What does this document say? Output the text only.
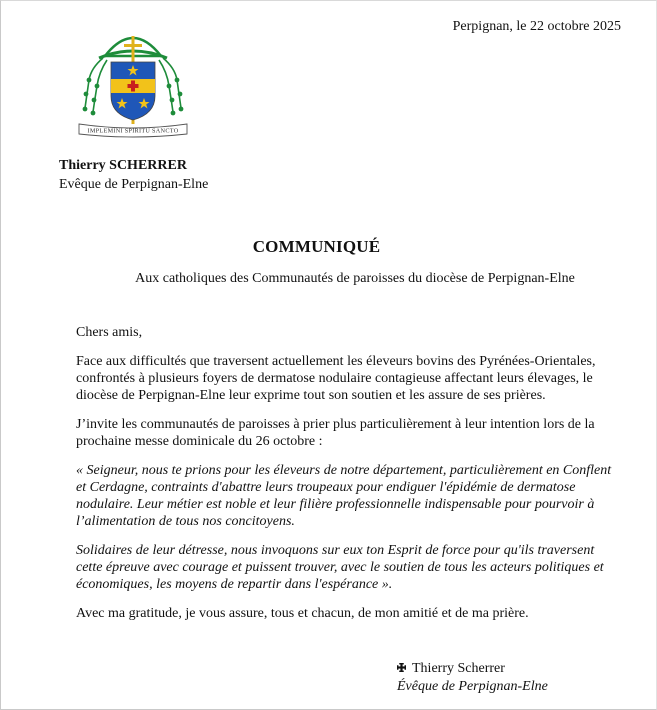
Perpignan, le 22 octobre 2025
IMPLEMINI SPIRITU SANCTO
Thierry SCHERRER
Evêque de Perpignan-Elne
COMMUNIQUÉ
Aux catholiques des Communautés de paroisses du diocèse de Perpignan-Elne

Chers amis,

Face aux difficultés que traversent actuellement les éleveurs bovins des Pyrénées-Orientales, confrontés à plusieurs foyers de dermatose nodulaire contagieuse affectant leurs élevages, le diocèse de Perpignan-Elne leur exprime tout son soutien et les assure de ses prières.

J’invite les communautés de paroisses à prier plus particulièrement à leur intention lors de la prochaine messe dominicale du 26 octobre :

« Seigneur, nous te prions pour les éleveurs de notre département, particulièrement en Conflent et Cerdagne, contraints d'abattre leurs troupeaux pour endiguer l'épidémie de dermatose nodulaire. Leur métier est noble et leur filière professionnelle indispensable pour pourvoir à l’alimentation de tous nos concitoyens.

Solidaires de leur détresse, nous invoquons sur eux ton Esprit de force pour qu'ils traversent cette épreuve avec courage et puissent trouver, avec le soutien de tous les acteurs politiques et économiques, les moyens de repartir dans l'espérance ».

Avec ma gratitude, je vous assure, tous et chacun, de mon amitié et de ma prière.

Thierry Scherrer
Évêque de Perpignan-Elne
